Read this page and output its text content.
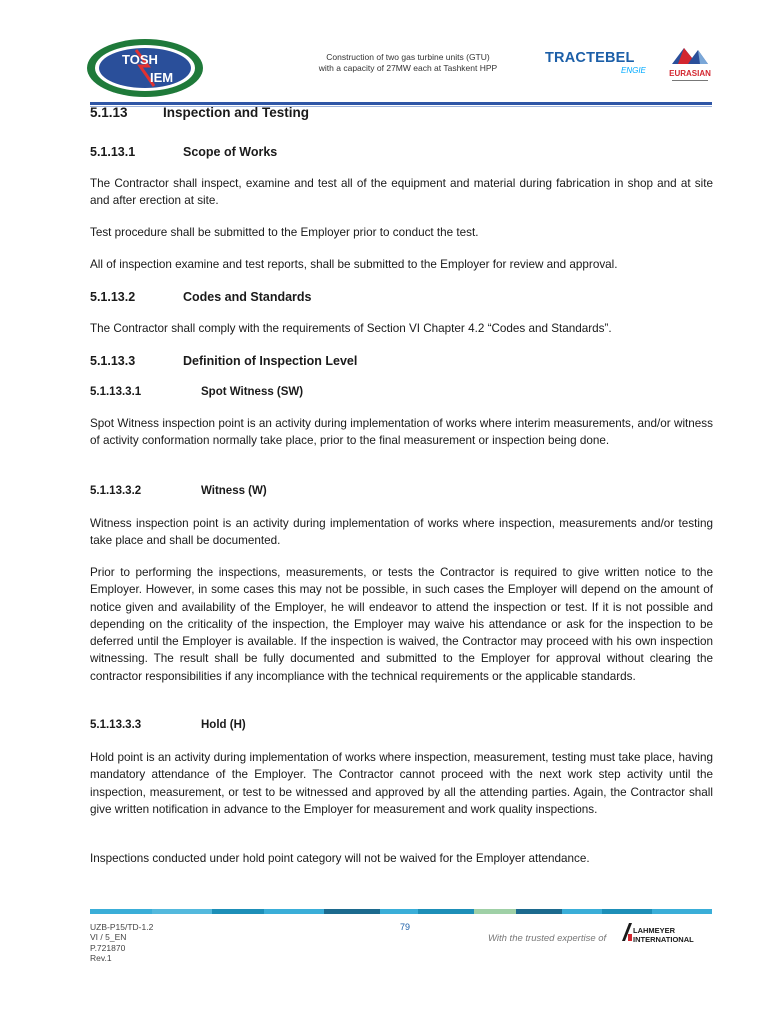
TOSH
IEM
Construction of two gas turbine units (GTU)
with a capacity of 27MW each at Tashkent HPP
TRACTEBEL
ENGIE	EURASIAN
5.1.13	Inspection and Testing
5.1.13.1	Scope of Works
The Contractor shall inspect, examine and test all of the equipment and material during fabrication in shop and at site and after erection at site.
Test procedure shall be submitted to the Employer prior to conduct the test.
All of inspection examine and test reports, shall be submitted to the Employer for review and approval.
5.1.13.2	Codes and Standards
The Contractor shall comply with the requirements of Section VI Chapter 4.2 “Codes and Standards”.
5.1.13.3	Definition of Inspection Level
5.1.13.3.1	Spot Witness (SW)
Spot Witness inspection point is an activity during implementation of works where interim measurements, and/or witness of activity conformation normally take place, prior to the final measurement or inspection being done.
5.1.13.3.2	Witness (W)
Witness inspection point is an activity during implementation of works where inspection, measurements and/or testing take place and shall be documented.
Prior to performing the inspections, measurements, or tests the Contractor is required to give written notice to the Employer. However, in some cases this may not be possible, in such cases the Employer will depend on the amount of notice given and availability of the Employer, he will endeavor to attend the inspection or test. If it is not possible and depending on the criticality of the inspection, the Employer may waive his attendance or ask for the inspection to be deferred until the Employer is available. If the inspection is waived, the Contractor may proceed with his own inspection witnessing. The result shall be fully documented and submitted to the Employer for approval without clearing the contractor responsibilities if any incompliance with the technical requirements or the applicable standards.
5.1.13.3.3	Hold (H)
Hold point is an activity during implementation of works where inspection, measurement, testing must take place, having mandatory attendance of the Employer. The Contractor cannot proceed with the next work step activity until the inspection, measurement, or test to be witnessed and approved by all the attending parties. Again, the Contractor shall give written notification in advance to the Employer for measurement and work quality inspections.
Inspections conducted under hold point category will not be waived for the Employer attendance.
UZB-P15/TD-1.2
VI / 5_EN
P.721870
Rev.1
79
With the trusted expertise of
LAHMEYER
INTERNATIONAL
